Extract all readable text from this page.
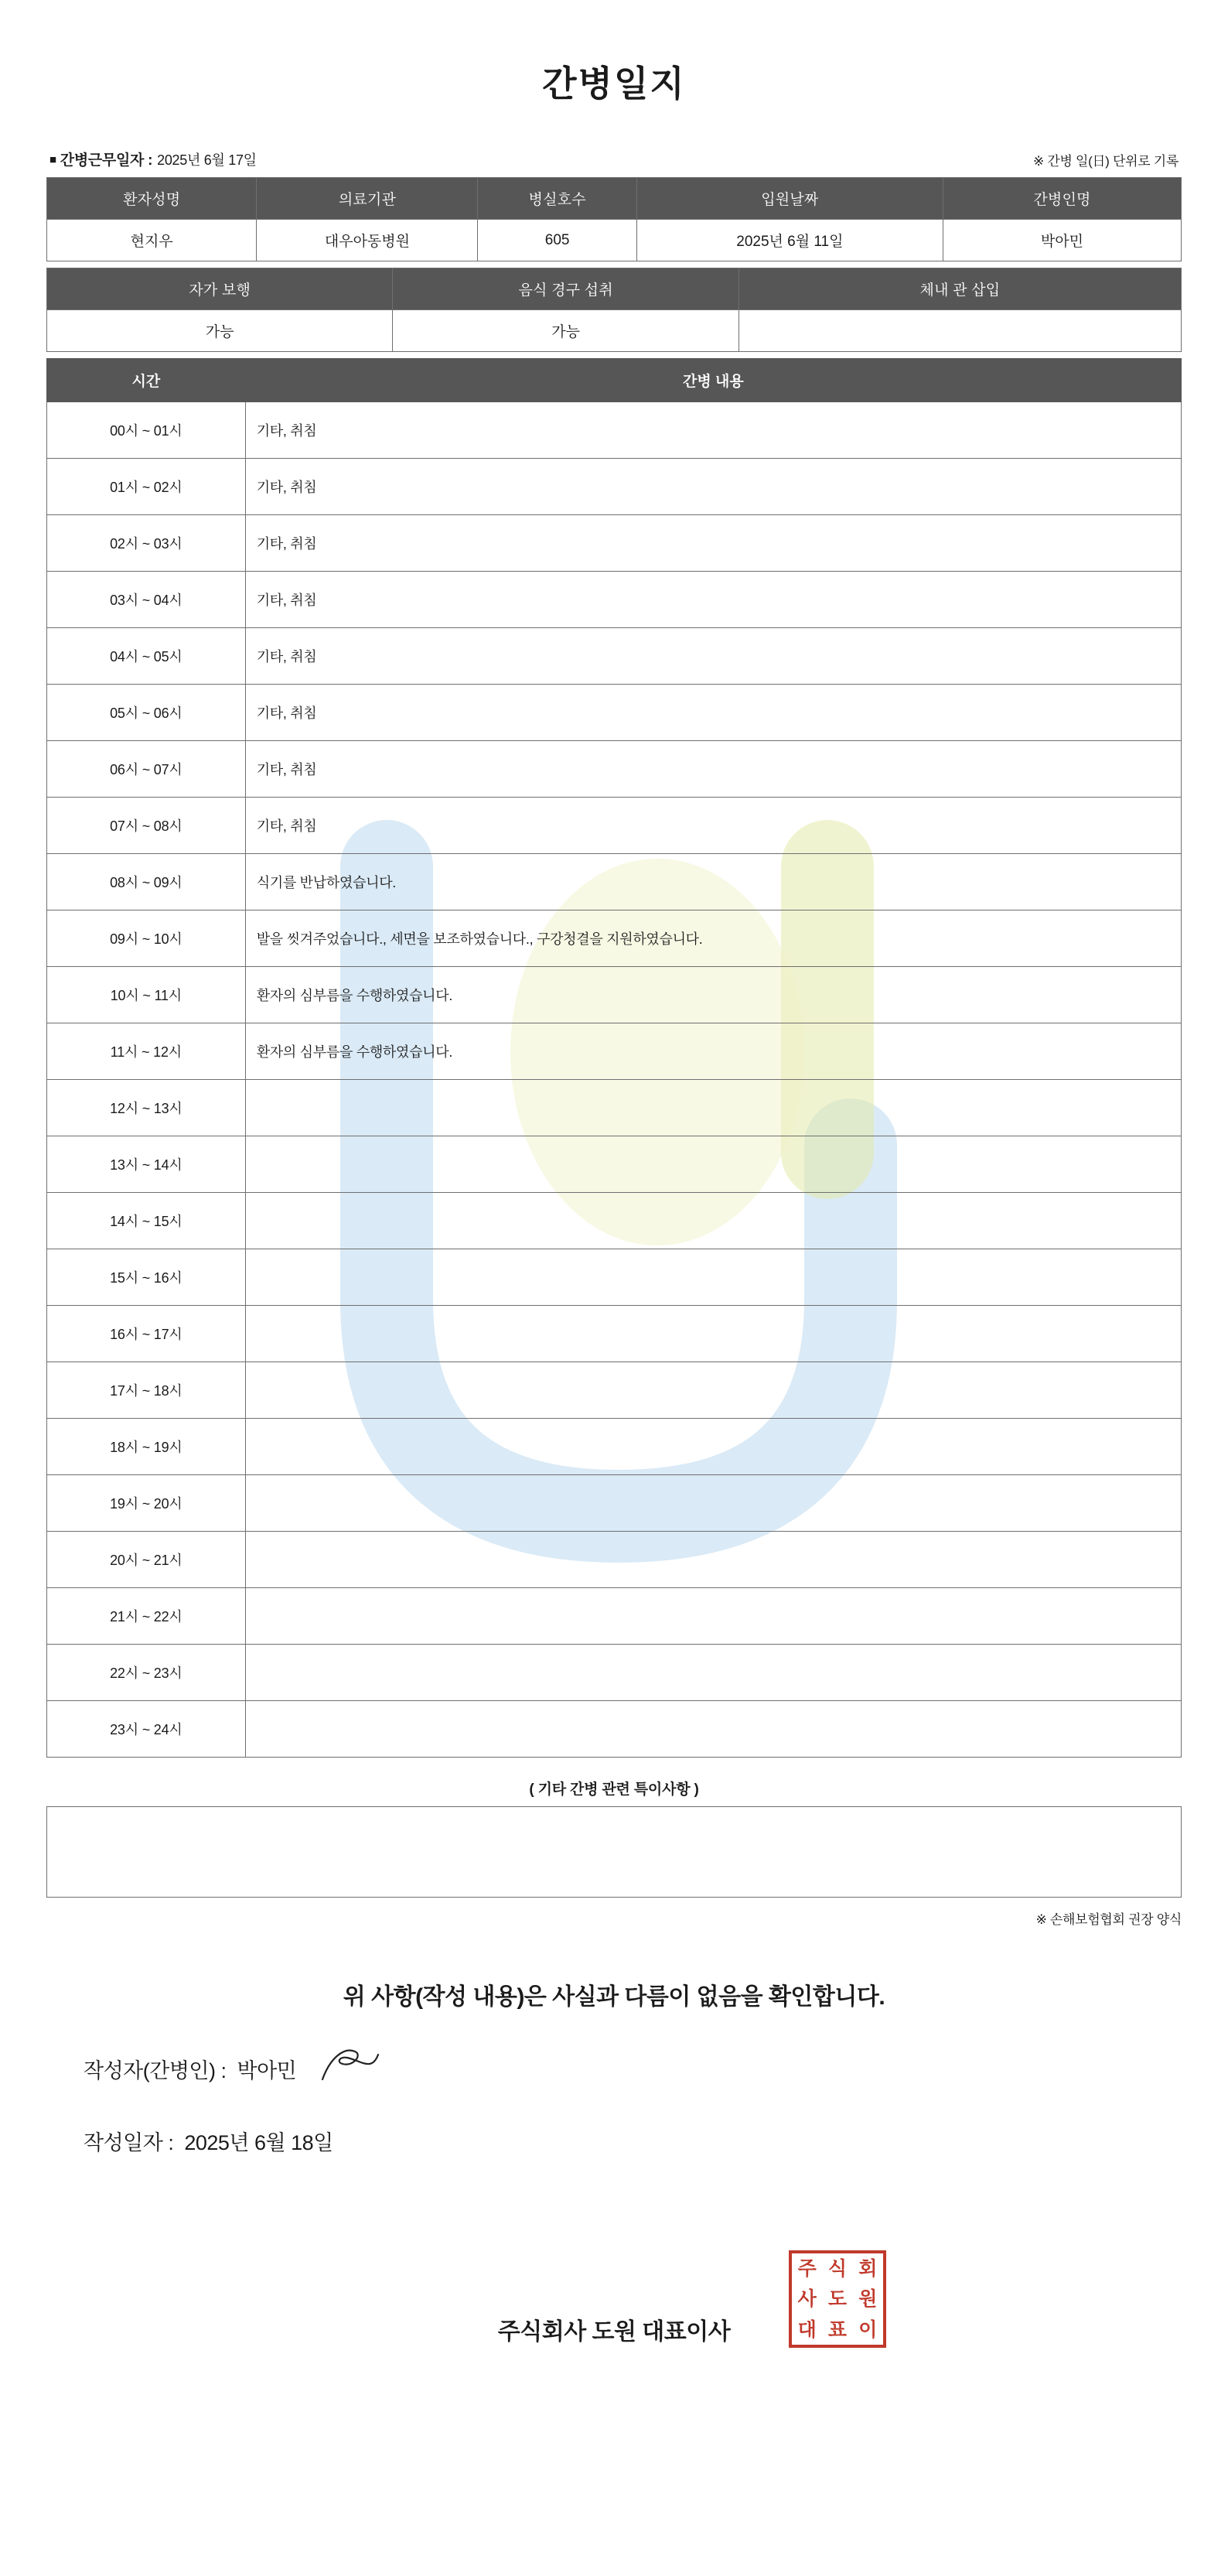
간병일지
■ 간병근무일자 : 2025년 6월 17일	※ 간병 일(日) 단위로 기록
환자성명	의료기관	병실호수	입원날짜	간병인명
현지우	대우아동병원	605	2025년 6월 11일	박아민
자가 보행	음식 경구 섭취	체내 관 삽입
가능	가능	
시간	간병 내용
00시 ~ 01시	기타, 취침
01시 ~ 02시	기타, 취침
02시 ~ 03시	기타, 취침
03시 ~ 04시	기타, 취침
04시 ~ 05시	기타, 취침
05시 ~ 06시	기타, 취침
06시 ~ 07시	기타, 취침
07시 ~ 08시	기타, 취침
08시 ~ 09시	식기를 반납하였습니다.
09시 ~ 10시	발을 씻겨주었습니다., 세면을 보조하였습니다., 구강청결을 지원하였습니다.
10시 ~ 11시	환자의 심부름을 수행하였습니다.
11시 ~ 12시	환자의 심부름을 수행하였습니다.
12시 ~ 13시	
13시 ~ 14시	
14시 ~ 15시	
15시 ~ 16시	
16시 ~ 17시	
17시 ~ 18시	
18시 ~ 19시	
19시 ~ 20시	
20시 ~ 21시	
21시 ~ 22시	
22시 ~ 23시	
23시 ~ 24시	
( 기타 간병 관련 특이사항 )
※ 손해보험협회 권장 양식
위 사항(작성 내용)은 사실과 다름이 없음을 확인합니다.
작성자(간병인) : 박아민
작성일자 : 2025년 6월 18일
주식회사 도원 대표이사
주 식 회
사 도 원
대 표 이
